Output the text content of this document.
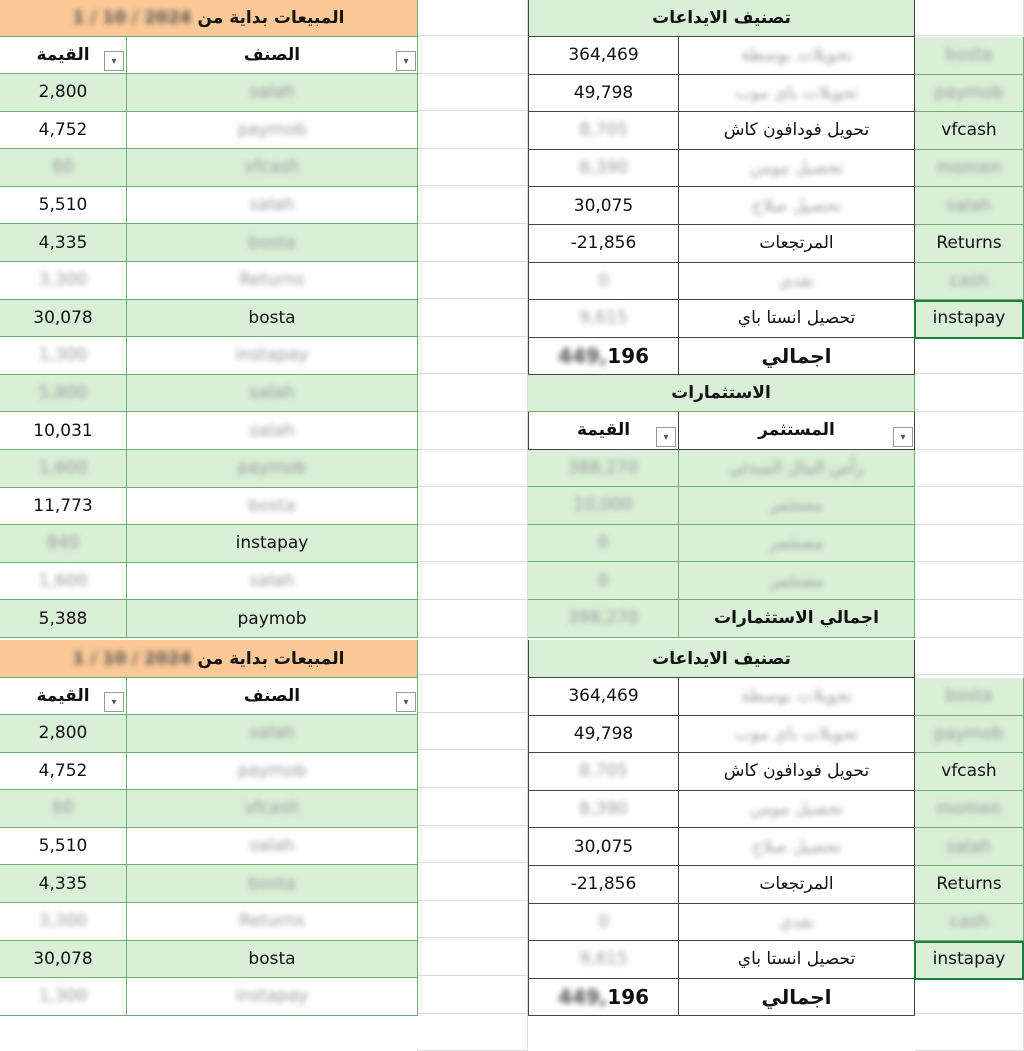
1 / 10 / 2024 المبيعات بداية من
القيمة	الصنف
▾	▾
2,800	salah
4,752	paymob
60	vfcash
5,510	salah
4,335	bosta
3,300	Returns
30,078	bosta
1,300	instapay
5,800	salah
10,031	salah
1,600	paymob
11,773	bosta
840	instapay
1,600	salah
5,388	paymob
1 / 10 / 2024 المبيعات بداية من
القيمة	الصنف
▾	▾
2,800	salah
4,752	paymob
60	vfcash
5,510	salah
4,335	bosta
3,300	Returns
30,078	bosta
1,300	instapay
تصنيف الايداعات
364,469	تحويلات بوسطة	bosta
49,798	تحويلات باي موب	paymob
8,705	تحويل فودافون كاش	vfcash
8,390	تحصيل مومن	momen
30,075	تحصيل صلاح	salah
-21,856	المرتجعات	Returns
0	نقدي	cash
9,615	تحصيل انستا باي	instapay
449, 196	اجمالي
تصنيف الايداعات
364,469	تحويلات بوسطة	bosta
49,798	تحويلات باي موب	paymob
8,705	تحويل فودافون كاش	vfcash
8,390	تحصيل مومن	momen
30,075	تحصيل صلاح	salah
-21,856	المرتجعات	Returns
0	نقدي	cash
9,615	تحصيل انستا باي	instapay
449, 196	اجمالي
الاستثمارات
القيمة	المستثمر
▾	▾
388,270	رأس المال المبدئي
10,000	مستثمر
0	مستثمر
0	مستثمر
398,270	اجمالي الاستثمارات
